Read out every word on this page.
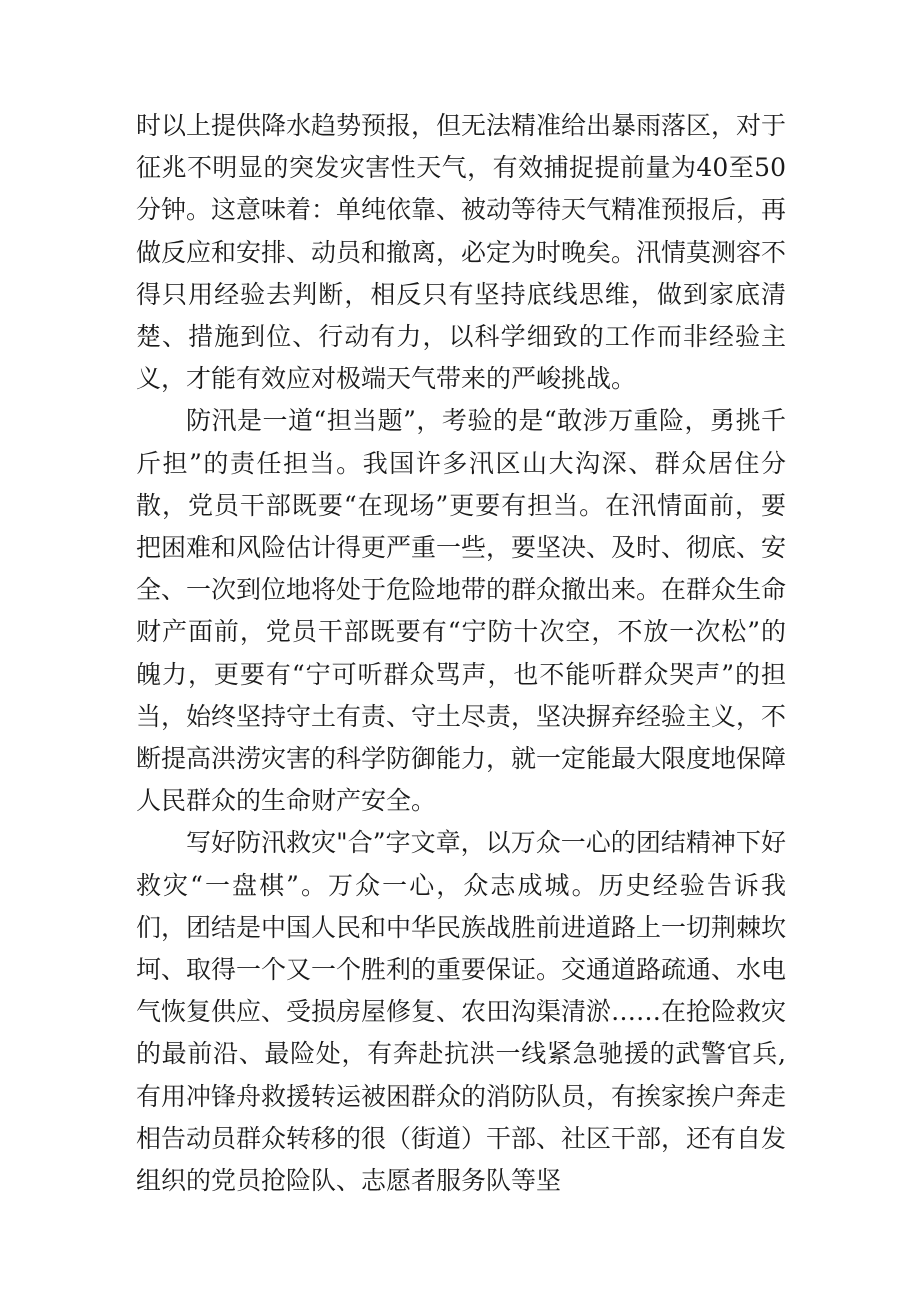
时以上提供降水趋势预报，但无法精准给出暴雨落区，对于征兆不明显的突发灾害性天气，有效捕捉提前量为40至50分钟。这意味着：单纯依靠、被动等待天气精准预报后，再做反应和安排、动员和撤离，必定为时晚矣。汛情莫测容不得只用经验去判断，相反只有坚持底线思维，做到家底清楚、措施到位、行动有力，以科学细致的工作而非经验主义，才能有效应对极端天气带来的严峻挑战。

防汛是一道“担当题”，考验的是“敢涉万重险，勇挑千斤担”的责任担当。我国许多汛区山大沟深、群众居住分散，党员干部既要“在现场”更要有担当。在汛情面前，要把困难和风险估计得更严重一些，要坚决、及时、彻底、安全、一次到位地将处于危险地带的群众撤出来。在群众生命财产面前，党员干部既要有“宁防十次空，不放一次松”的魄力，更要有“宁可听群众骂声，也不能听群众哭声”的担当，始终坚持守土有责、守土尽责，坚决摒弃经验主义，不断提高洪涝灾害的科学防御能力，就一定能最大限度地保障人民群众的生命财产安全。

写好防汛救灾"合”字文章，以万众一心的团结精神下好救灾“一盘棋”。万众一心，众志成城。历史经验告诉我们，团结是中国人民和中华民族战胜前进道路上一切荆棘坎坷、取得一个又一个胜利的重要保证。交通道路疏通、水电气恢复供应、受损房屋修复、农田沟渠清淤……在抢险救灾的最前沿、最险处，有奔赴抗洪一线紧急驰援的武警官兵,有用冲锋舟救援转运被困群众的消防队员，有挨家挨户奔走相告动员群众转移的很（街道）干部、社区干部，还有自发组织的党员抢险队、志愿者服务队等坚
